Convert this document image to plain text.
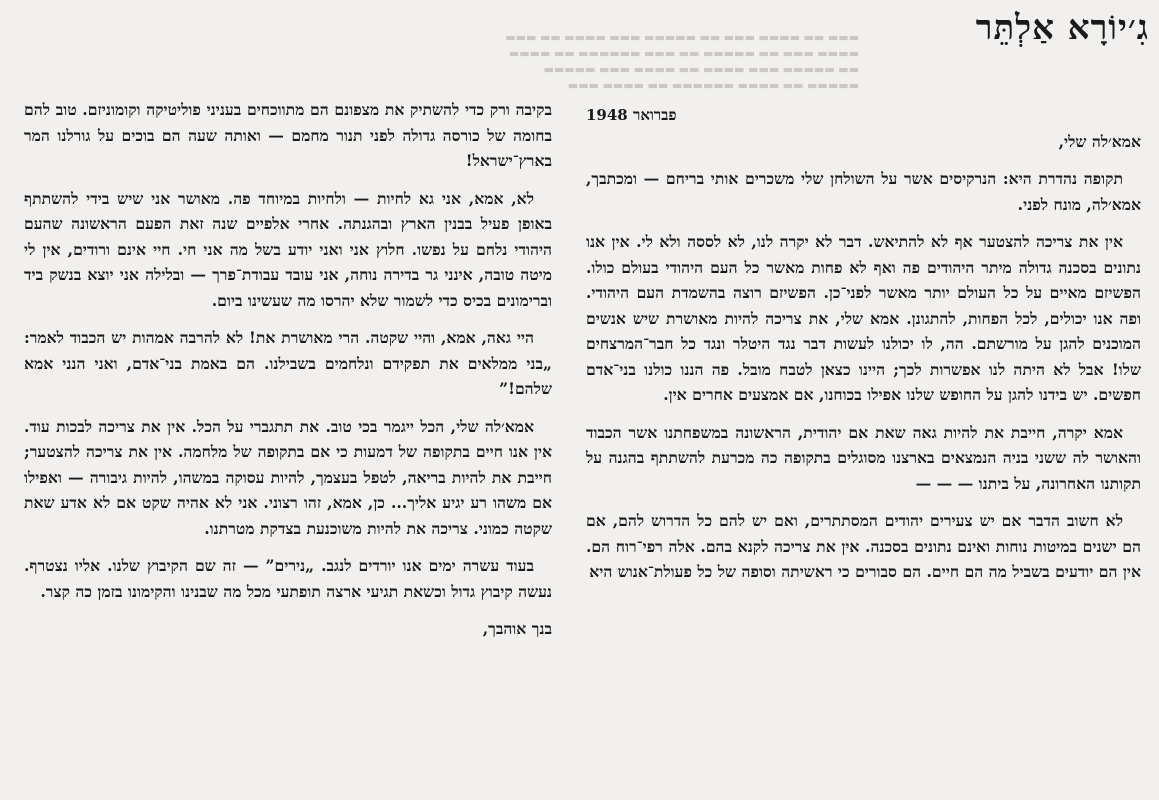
▬▬▬ ▬▬ ▬▬▬▬ ▬▬▬ ▬▬ ▬▬▬▬▬ ▬▬▬ ▬▬▬▬ ▬▬ ▬▬▬
▬▬▬▬ ▬▬▬ ▬▬ ▬▬▬▬▬ ▬▬ ▬▬▬ ▬▬▬▬▬▬ ▬▬ ▬▬▬▬
▬▬ ▬▬▬▬▬ ▬▬▬ ▬▬▬▬ ▬▬ ▬▬▬▬ ▬▬▬ ▬▬▬▬▬
▬▬▬▬▬ ▬▬ ▬▬▬▬ ▬▬▬▬▬▬ ▬▬ ▬▬▬▬ ▬▬▬
גִ׳יוֹרָא אַלְתֵּר
פברואר 1948

אמא׳לה שלי,

תקופה נהדרת היא: הנרקיסים אשר על השולחן שלי משכרים אותי בריחם — ומכתבך, אמא׳לה, מונח לפני.

אין את צריכה להצטער אף לא להתיאש. דבר לא יקרה לנו, לא לססה ולא לי. אין אנו נתונים בסכנה גדולה מיתר היהודים פה ואף לא פחות מאשר כל העם היהודי בעולם כולו. הפשיזם מאיים על כל העולם יותר מאשר לפני־כן. הפשיזם רוצה בהשמדת העם היהודי. ופה אנו יכולים, לכל הפחות, להתגונן. אמא שלי, את צריכה להיות מאושרת שיש אנשים המוכנים להגן על מורשתם. הה, לו יכולנו לעשות דבר נגד היטלר ונגד כל חבר־המרצחים שלו! אבל לא היתה לנו אפשרות לכך; היינו כצאן לטבח מובל. פה הננו כולנו בני־אדם חפשים. יש בידנו להגן על החופש שלנו אפילו בכוחנו, אם אמצעים אחרים אין.

אמא יקרה, חייבת את להיות גאה שאת אם יהודית, הראשונה במשפחתנו אשר הכבוד והאושר לה ששני בניה הנמצאים בארצנו מסוגלים בתקופה כה מכרעת להשתתף בהגנה על תקותנו האחרונה, על ביתנו — — —

לא חשוב הדבר אם יש צעירים יהודים המסתתרים, ואם יש להם כל הדרוש להם, אם הם ישנים במיטות נוחות ואינם נתונים בסכנה. אין את צריכה לקנא בהם. אלה רפי־רוח הם. אין הם יודעים בשביל מה הם חיים. הם סבורים כי ראשיתה וסופה של כל פעולת־אנוש היא

בקיבה ורק כדי להשתיק את מצפונם הם מתווכחים בעניני פוליטיקה וקומוניזם. טוב להם בחומה של כורסה גדולה לפני תנור מחמם — ואותה שעה הם בוכים על גורלנו המר בארץ־ישראל!

לא, אמא, אני גא לחיות — ולחיות במיוחד פה. מאושר אני שיש בידי להשתתף באופן פעיל בבנין הארץ ובהגנתה. אחרי אלפיים שנה זאת הפעם הראשונה שהעם היהודי נלחם על נפשו. חלוץ אני ואני יודע בשל מה אני חי. חיי אינם ורודים, אין לי מיטה טובה, אינני גר בדירה נוחה, אני עובד עבודת־פרך — ובלילה אני יוצא בנשק ביד וברימונים בכיס כדי לשמור שלא יהרסו מה שעשינו ביום.

היי גאה, אמא, והיי שקטה. הרי מאושרת את! לא להרבה אמהות יש הכבוד לאמר: „בני ממלאים את תפקידם ונלחמים בשבילנו. הם באמת בני־אדם, ואני הנני אמא שלהם!”

אמא׳לה שלי, הכל ייגמר בכי טוב. את תתגברי על הכל. אין את צריכה לבכות עוד. אין אנו חיים בתקופה של דמעות כי אם בתקופה של מלחמה. אין את צריכה להצטער; חייבת את להיות בריאה, לטפל בעצמך, להיות עסוקה במשהו, להיות גיבורה — ואפילו אם משהו רע יגיע אליך... כן, אמא, זהו רצוני. אני לא אהיה שקט אם לא אדע שאת שקטה כמוני. צריכה את להיות משוכנעת בצדקת מטרתנו.

בעוד עשרה ימים אנו יורדים לנגב. „נירים” — זה שם הקיבוץ שלנו. אליו נצטרף. נעשה קיבוץ גדול וכשאת תגיעי ארצה תופתעי מכל מה שבנינו והקימונו בזמן כה קצר.

בנך אוהבך,
